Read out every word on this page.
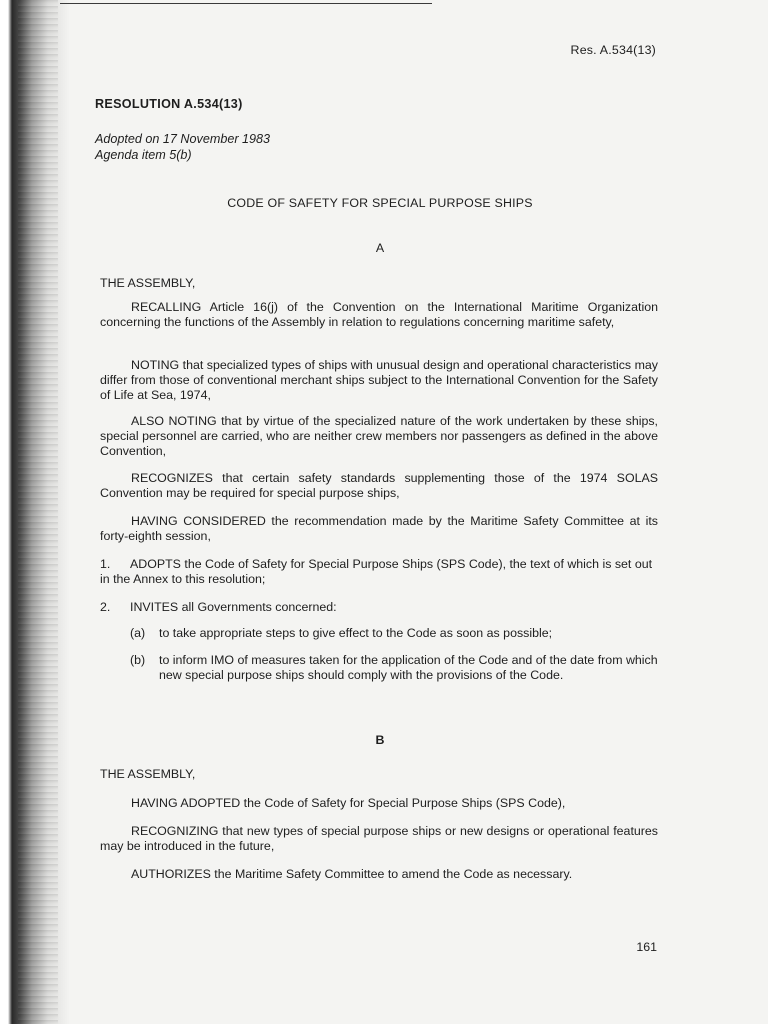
Res. A.534(13)
RESOLUTION A.534(13)
Adopted on 17 November 1983
Agenda item 5(b)
CODE OF SAFETY FOR SPECIAL PURPOSE SHIPS
A
THE ASSEMBLY,
RECALLING Article 16(j) of the Convention on the International Maritime Organization concerning the functions of the Assembly in relation to regulations concerning maritime safety,
NOTING that specialized types of ships with unusual design and operational characteristics may differ from those of conventional merchant ships subject to the International Convention for the Safety of Life at Sea, 1974,
ALSO NOTING that by virtue of the specialized nature of the work undertaken by these ships, special personnel are carried, who are neither crew members nor passengers as defined in the above Convention,
RECOGNIZES that certain safety standards supplementing those of the 1974 SOLAS Convention may be required for special purpose ships,
HAVING CONSIDERED the recommendation made by the Maritime Safety Committee at its forty-eighth session,
1. ADOPTS the Code of Safety for Special Purpose Ships (SPS Code), the text of which is set out in the Annex to this resolution;
2. INVITES all Governments concerned:
(a)	to take appropriate steps to give effect to the Code as soon as possible;
(b)	to inform IMO of measures taken for the application of the Code and of the date from which new special purpose ships should comply with the provisions of the Code.
B
THE ASSEMBLY,
HAVING ADOPTED the Code of Safety for Special Purpose Ships (SPS Code),
RECOGNIZING that new types of special purpose ships or new designs or operational features may be introduced in the future,
AUTHORIZES the Maritime Safety Committee to amend the Code as necessary.
161
